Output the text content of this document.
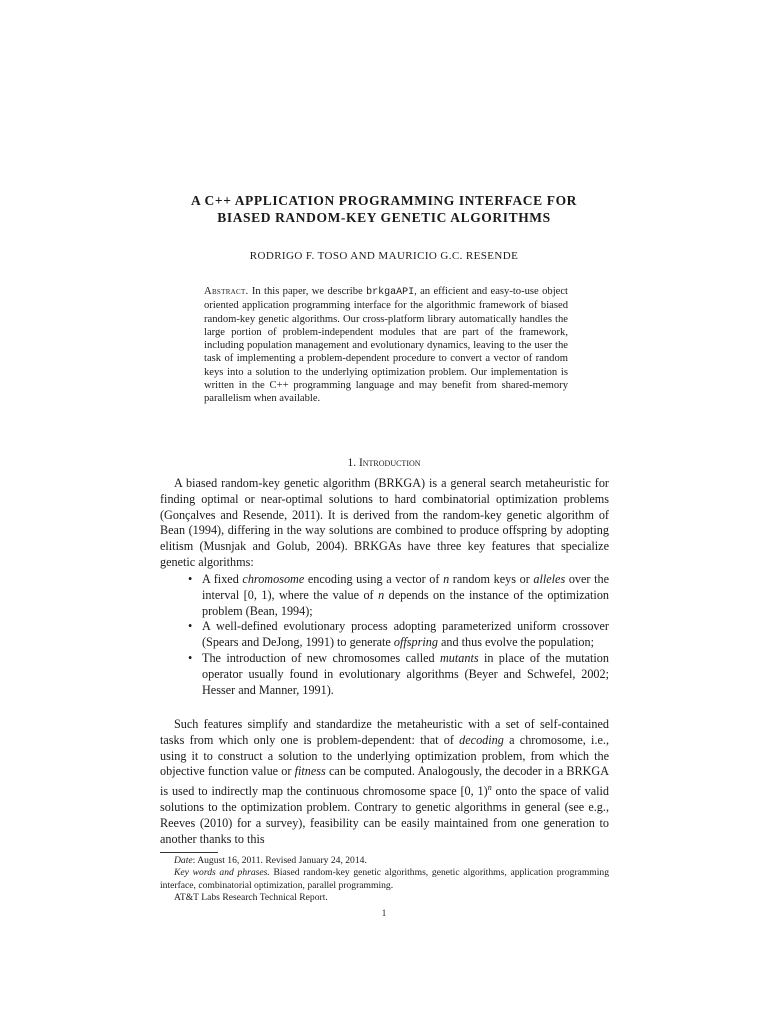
A C++ APPLICATION PROGRAMMING INTERFACE FOR

BIASED RANDOM-KEY GENETIC ALGORITHMS

RODRIGO F. TOSO AND MAURICIO G.C. RESENDE

Abstract. In this paper, we describe brkgaAPI, an efficient and easy-to-use object oriented application programming interface for the algorithmic framework of biased random-key genetic algorithms. Our cross-platform library automatically handles the large portion of problem-independent modules that are part of the framework, including population management and evolutionary dynamics, leaving to the user the task of implementing a problem-dependent procedure to convert a vector of random keys into a solution to the underlying optimization problem. Our implementation is written in the C++ programming language and may benefit from shared-memory parallelism when available.

1. Introduction

A biased random-key genetic algorithm (BRKGA) is a general search metaheuristic for finding optimal or near-optimal solutions to hard combinatorial optimization problems (Gonçalves and Resende, 2011). It is derived from the random-key genetic algorithm of Bean (1994), differing in the way solutions are combined to produce offspring by adopting elitism (Musnjak and Golub, 2004). BRKGAs have three key features that specialize genetic algorithms:

• A fixed chromosome encoding using a vector of n random keys or alleles over the interval [0, 1), where the value of n depends on the instance of the optimization problem (Bean, 1994);
• A well-defined evolutionary process adopting parameterized uniform crossover (Spears and DeJong, 1991) to generate offspring and thus evolve the population;
• The introduction of new chromosomes called mutants in place of the mutation operator usually found in evolutionary algorithms (Beyer and Schwefel, 2002; Hesser and Manner, 1991).

Such features simplify and standardize the metaheuristic with a set of self-contained tasks from which only one is problem-dependent: that of decoding a chromosome, i.e., using it to construct a solution to the underlying optimization problem, from which the objective function value or fitness can be computed. Analogously, the decoder in a BRKGA is used to indirectly map the continuous chromosome space [0, 1)$^n$ onto the space of valid solutions to the optimization problem. Contrary to genetic algorithms in general (see e.g., Reeves (2010) for a survey), feasibility can be easily maintained from one generation to another thanks to this

Date: August 16, 2011. Revised January 24, 2014.

Key words and phrases. Biased random-key genetic algorithms, genetic algorithms, application programming interface, combinatorial optimization, parallel programming.

AT&T Labs Research Technical Report.

1
